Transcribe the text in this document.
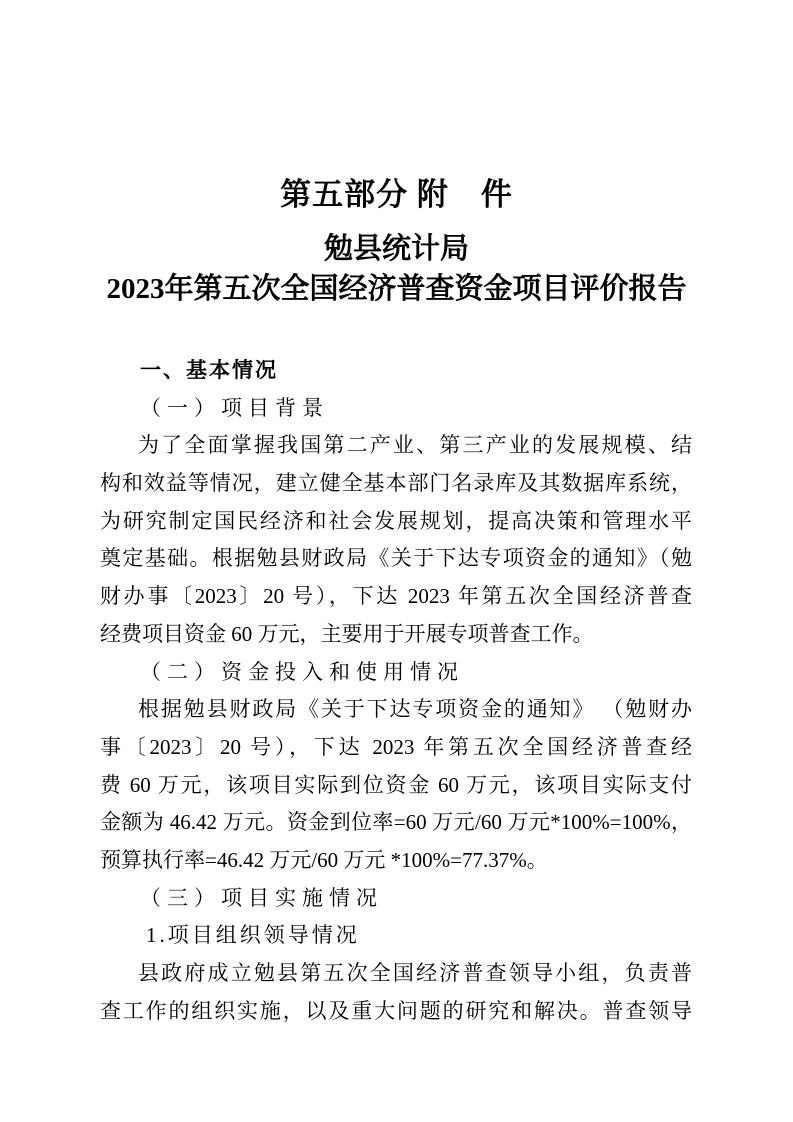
第五部分 附　件
勉县统计局
2023年第五次全国经济普查资金项目评价报告
一、基本情况
（一）项目背景
为了全面掌握我国第二产业、第三产业的发展规模、结
构和效益等情况，建立健全基本部门名录库及其数据库系统，
为研究制定国民经济和社会发展规划，提高决策和管理水平
奠定基础。根据勉县财政局《关于下达专项资金的通知》（勉
财办事〔2023〕20 号），下达 2023 年第五次全国经济普查
经费项目资金 60 万元，主要用于开展专项普查工作。
（二）资金投入和使用情况
根据勉县财政局《关于下达专项资金的通知》 （勉财办
事〔2023〕20 号），下达 2023 年第五次全国经济普查经
费 60 万元，该项目实际到位资金 60 万元，该项目实际支付
金额为 46.42 万元。资金到位率=60 万元/60 万元*100%=100%，
预算执行率=46.42 万元/60 万元 *100%=77.37%。
（三）项目实施情况
1.项目组织领导情况
县政府成立勉县第五次全国经济普查领导小组，负责普
查工作的组织实施，以及重大问题的研究和解决。普查领导
